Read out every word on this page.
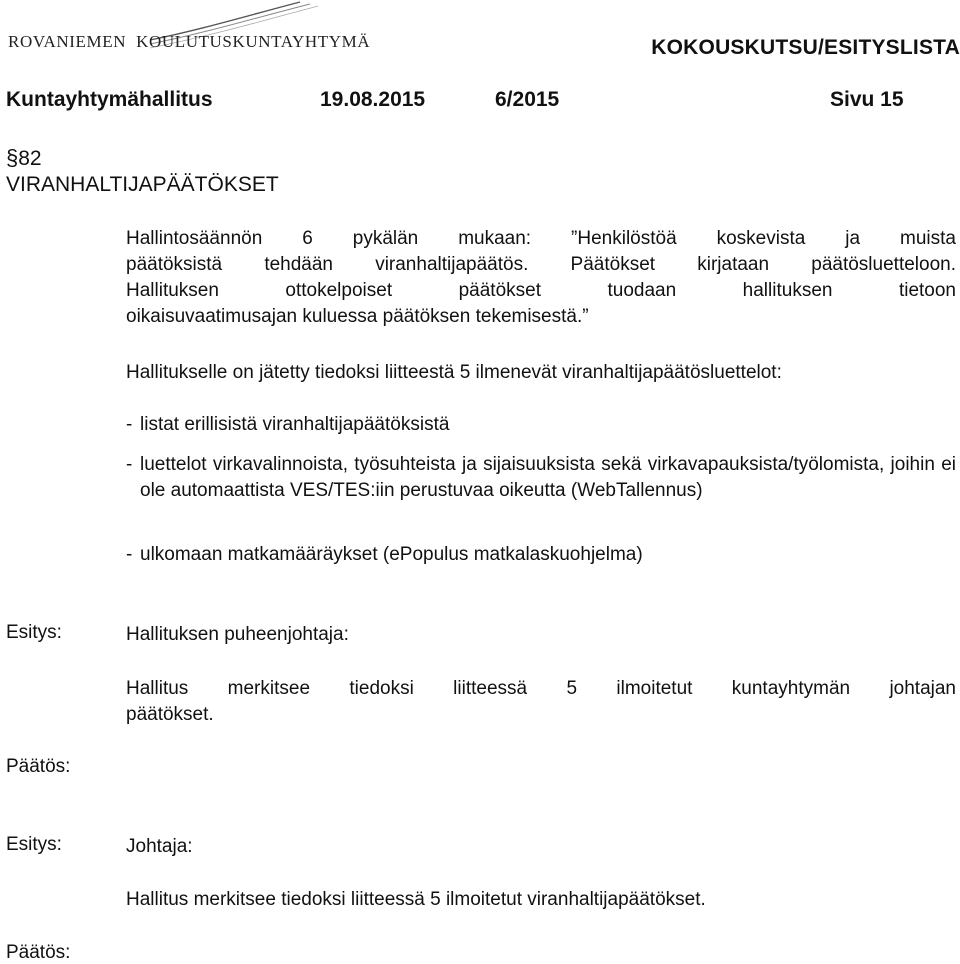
ROVANIEMEN KOULUTUSKUNTAYHTYMÄ	KOKOUSKUTSU/ESITYSLISTA
Kuntayhtymähallitus	19.08.2015	6/2015	Sivu 15
§82
VIRANHALTIJAPÄÄTÖKSET
Hallintosäännön 6 pykälän mukaan: ”Henkilöstöä koskevista ja muista
päätöksistä tehdään viranhaltijapäätös. Päätökset kirjataan päätösluetteloon.
Hallituksen ottokelpoiset päätökset tuodaan hallituksen tietoon
oikaisuvaatimusajan kuluessa päätöksen tekemisestä.”
Hallitukselle on jätetty tiedoksi liitteestä 5 ilmenevät viranhaltijapäätösluettelot:
- listat erillisistä viranhaltijapäätöksistä
- luettelot virkavalinnoista, työsuhteista ja sijaisuuksista sekä virkavapauksista/työlomista, joihin ei ole automaattista VES/TES:iin perustuvaa oikeutta (WebTallennus)
- ulkomaan matkamääräykset (ePopulus matkalaskuohjelma)
Esitys:	Hallituksen puheenjohtaja:
Hallitus merkitsee tiedoksi liitteessä 5 ilmoitetut kuntayhtymän johtajan
päätökset.
Päätös:
Esitys:	Johtaja:
Hallitus merkitsee tiedoksi liitteessä 5 ilmoitetut viranhaltijapäätökset.
Päätös:
